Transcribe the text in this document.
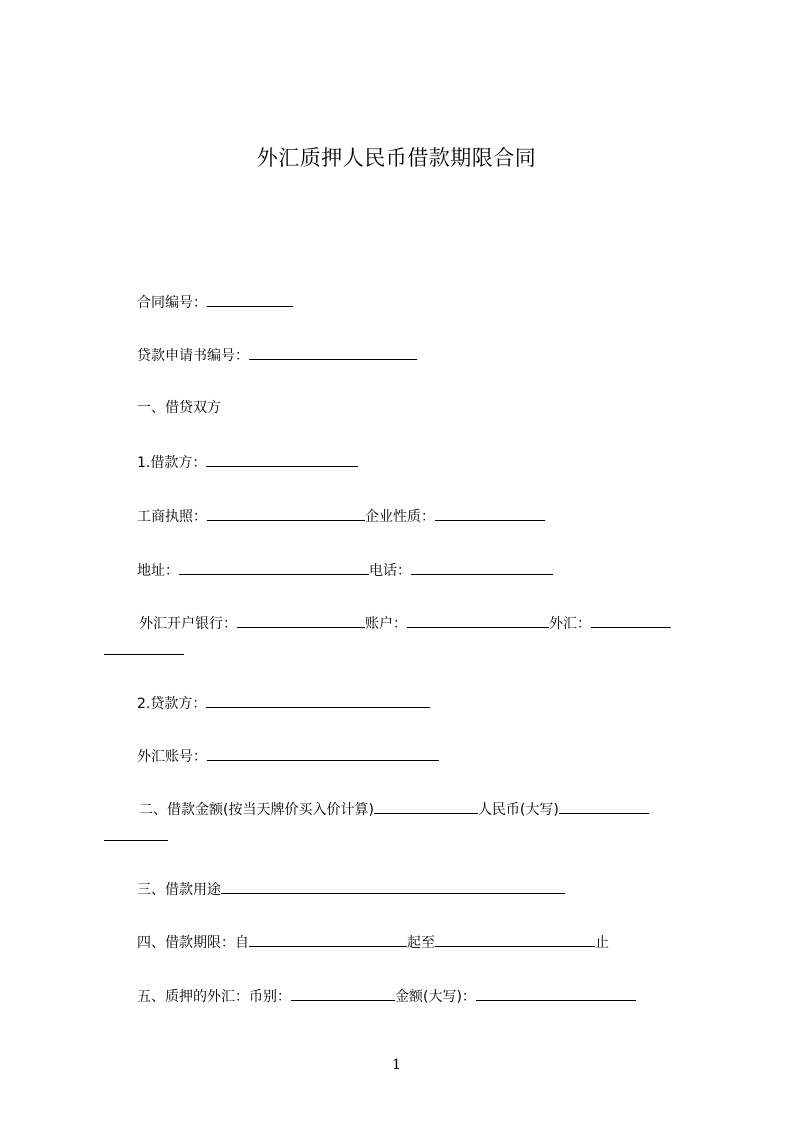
外汇质押人民币借款期限合同
合同编号：
贷款申请书编号：
一、借贷双方
1.借款方：
工商执照：	企业性质：
地址：	电话：
外汇开户银行：	账户：	外汇：
2.贷款方：
外汇账号：
二、借款金额(按当天牌价买入价计算)	人民币(大写)
三、借款用途
四、借款期限：自	起至	止
五、质押的外汇：币别：	金额(大写)：
1
